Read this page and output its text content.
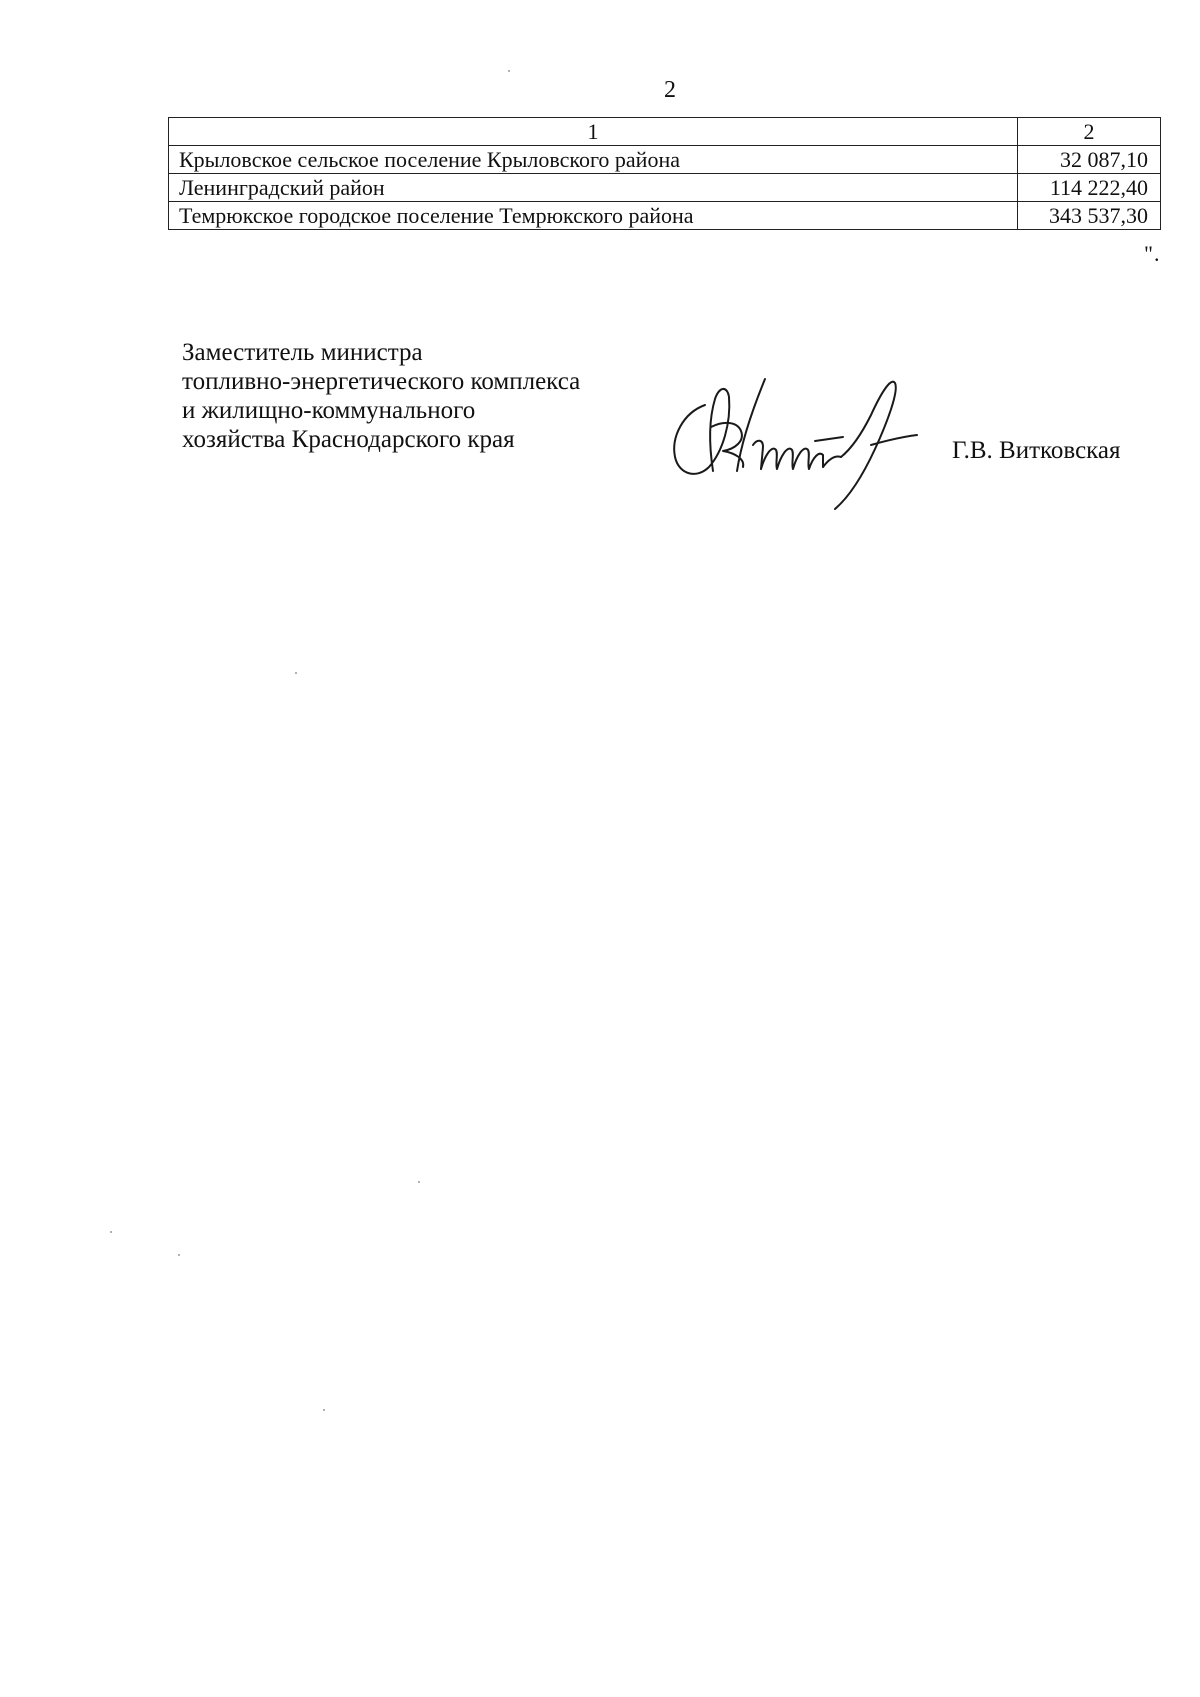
2
1	2
Крыловское сельское поселение Крыловского района	32 087,10
Ленинградский район	114 222,40
Темрюкское городское поселение Темрюкского района	343 537,30
".
Заместитель министра
топливно-энергетического комплекса
и жилищно-коммунального
хозяйства Краснодарского края	Г.В. Витковская
